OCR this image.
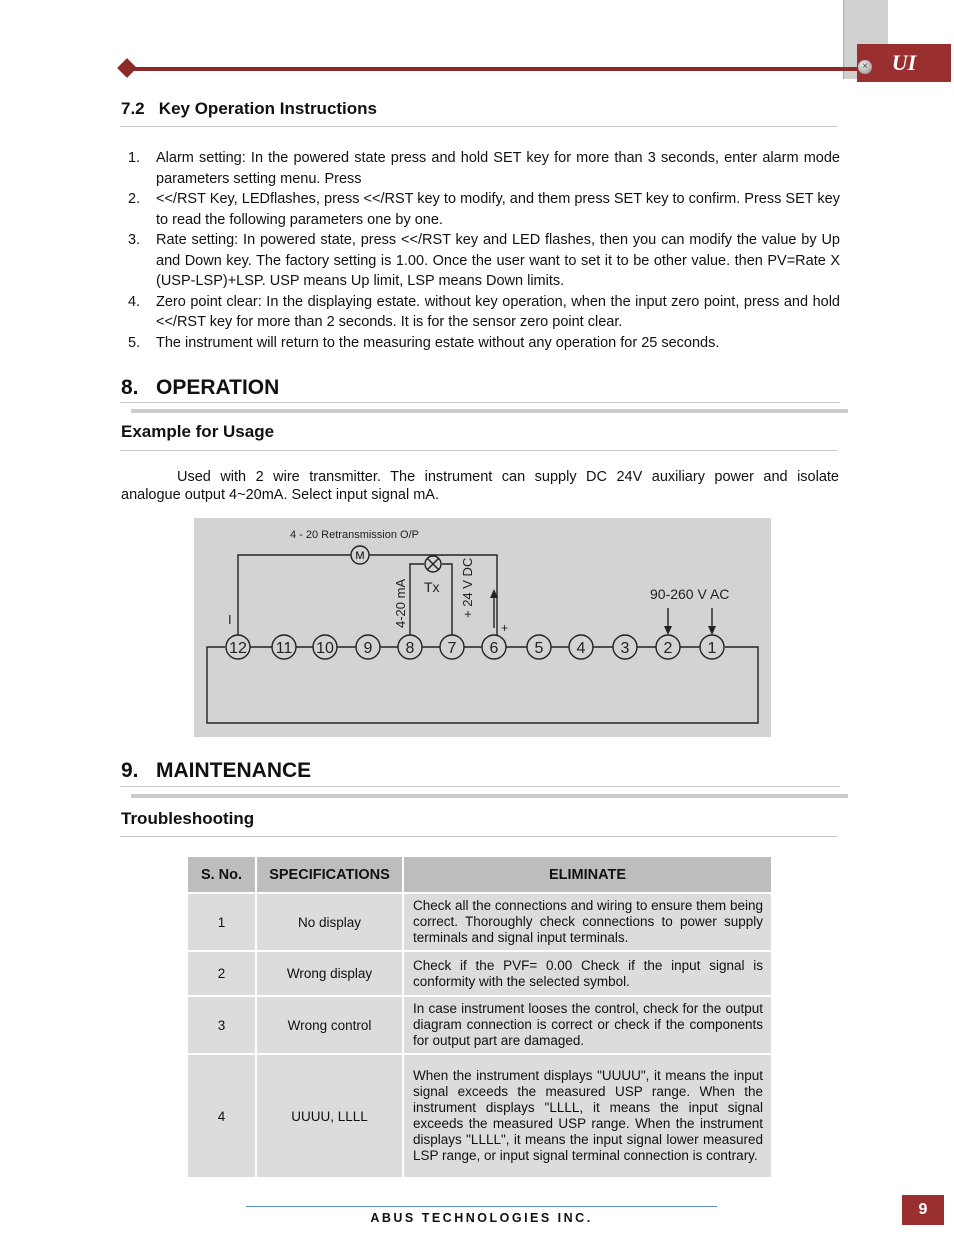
UI
×
7.2   Key Operation Instructions
1. Alarm setting: In the powered state press and hold SET key for more than 3 seconds, enter alarm mode parameters setting menu. Press
2. <</RST Key, LEDflashes, press <</RST key to modify, and them press SET key to confirm. Press SET key to read the following parameters one by one.
3. Rate setting: In powered state, press <</RST key and LED flashes, then you can modify the value by Up and Down key. The factory setting is 1.00. Once the user want to set it to be other value. then PV=Rate X (USP-LSP)+LSP. USP means Up limit, LSP means Down limits.
4. Zero point clear: In the displaying estate. without key operation, when the input zero point, press and hold <</RST key for more than 2 seconds. It is for the sensor zero point clear.
5. The instrument will return to the measuring estate without any operation for 25 seconds.
8.   OPERATION
Example for Usage
Used with 2 wire transmitter. The instrument can supply DC 24V auxiliary power and isolate
analogue output 4~20mA. Select input signal mA.
M
4 - 20 Retransmission O/P
Tx
4-20 mA	+ 24 V DC	90-260 V AC
+
I
12 11 10 9 8 7 6 5 4 3 2 1
9.   MAINTENANCE
Troubleshooting
S. No.	SPECIFICATIONS	ELIMINATE
1	No display	Check all the connections and wiring to ensure them being correct. Thoroughly check connections to power supply terminals and signal input terminals.
2	Wrong display	Check if the PVF= 0.00 Check if the input signal is conformity with the selected symbol.
3	Wrong control	In case instrument looses the control, check for the output diagram connection is correct or check if the components for output part are damaged.
4	UUUU, LLLL	When the instrument displays "UUUU", it means the input signal exceeds the measured USP range. When the instrument displays "LLLL, it means the input signal exceeds the measured USP range. When the instrument displays "LLLL", it means the input signal lower measured LSP range, or input signal terminal connection is contrary.
ABUS TECHNOLOGIES INC.	9
